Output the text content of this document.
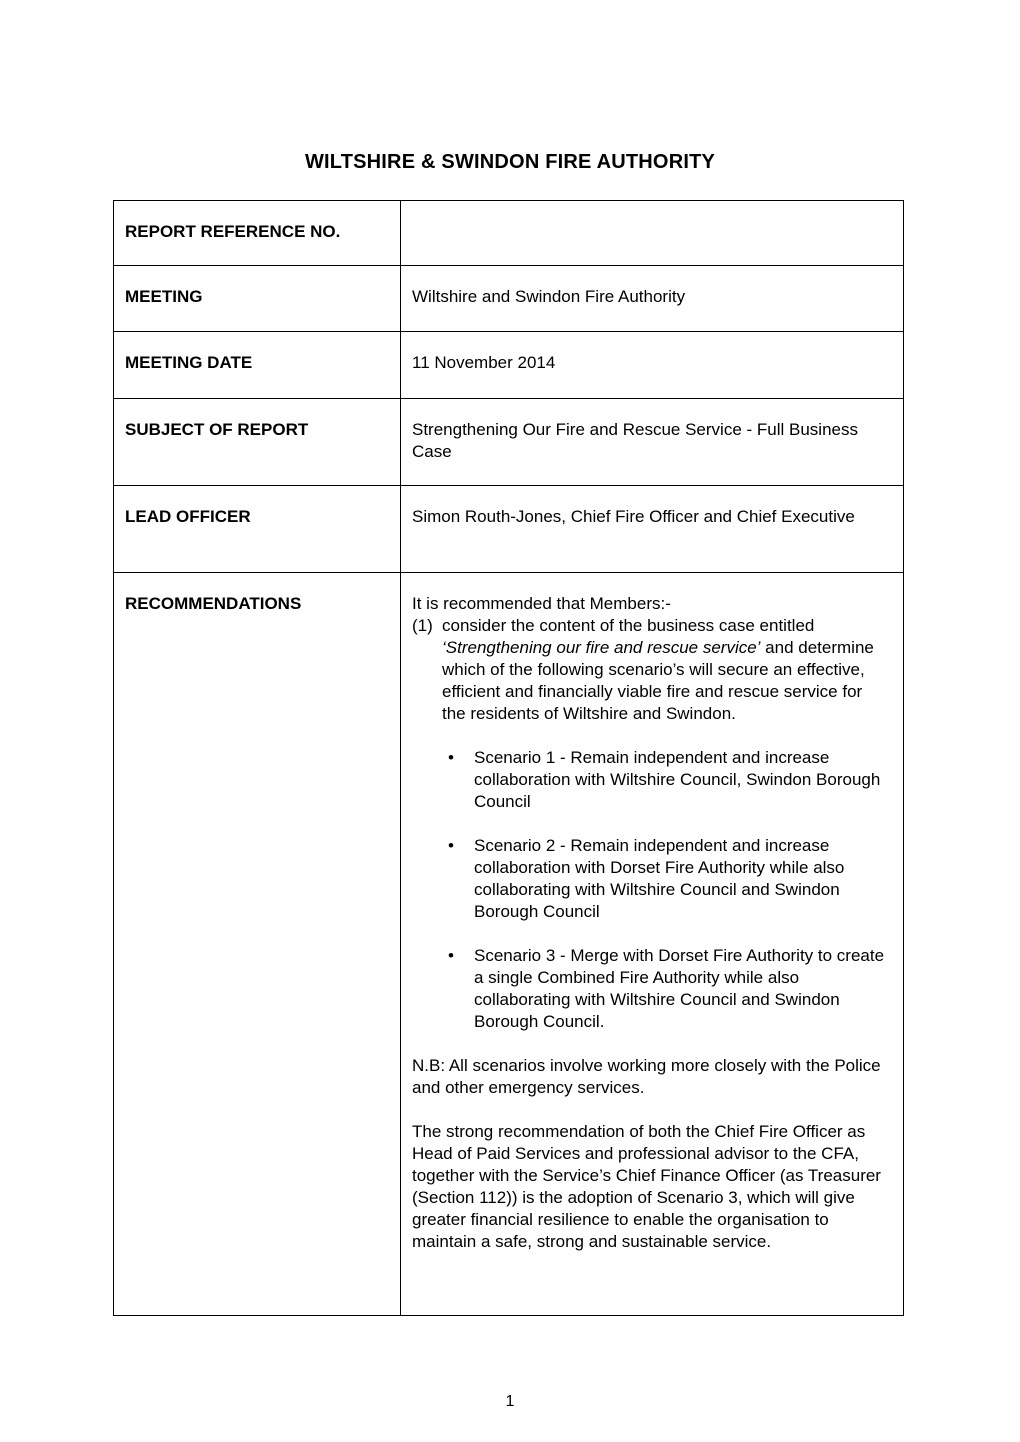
WILTSHIRE & SWINDON FIRE AUTHORITY
REPORT REFERENCE NO.	
MEETING	Wiltshire and Swindon Fire Authority
MEETING DATE	11 November 2014
SUBJECT OF REPORT	Strengthening Our Fire and Rescue Service - Full Business Case
LEAD OFFICER	Simon Routh-Jones, Chief Fire Officer and Chief Executive
RECOMMENDATIONS	It is recommended that Members:-

(1) consider the content of the business case entitled ‘Strengthening our fire and rescue service’ and determine which of the following scenario’s will secure an effective, efficient and financially viable fire and rescue service for the residents of Wiltshire and Swindon.
• Scenario 1 - Remain independent and increase collaboration with Wiltshire Council, Swindon Borough Council
• Scenario 2 - Remain independent and increase collaboration with Dorset Fire Authority while also collaborating with Wiltshire Council and Swindon Borough Council
• Scenario 3 - Merge with Dorset Fire Authority to create a single Combined Fire Authority while also collaborating with Wiltshire Council and Swindon Borough Council.

N.B: All scenarios involve working more closely with the Police and other emergency services.

The strong recommendation of both the Chief Fire Officer as Head of Paid Services and professional advisor to the CFA, together with the Service’s Chief Finance Officer (as Treasurer (Section 112)) is the adoption of Scenario 3, which will give greater financial resilience to enable the organisation to maintain a safe, strong and sustainable service.

1
